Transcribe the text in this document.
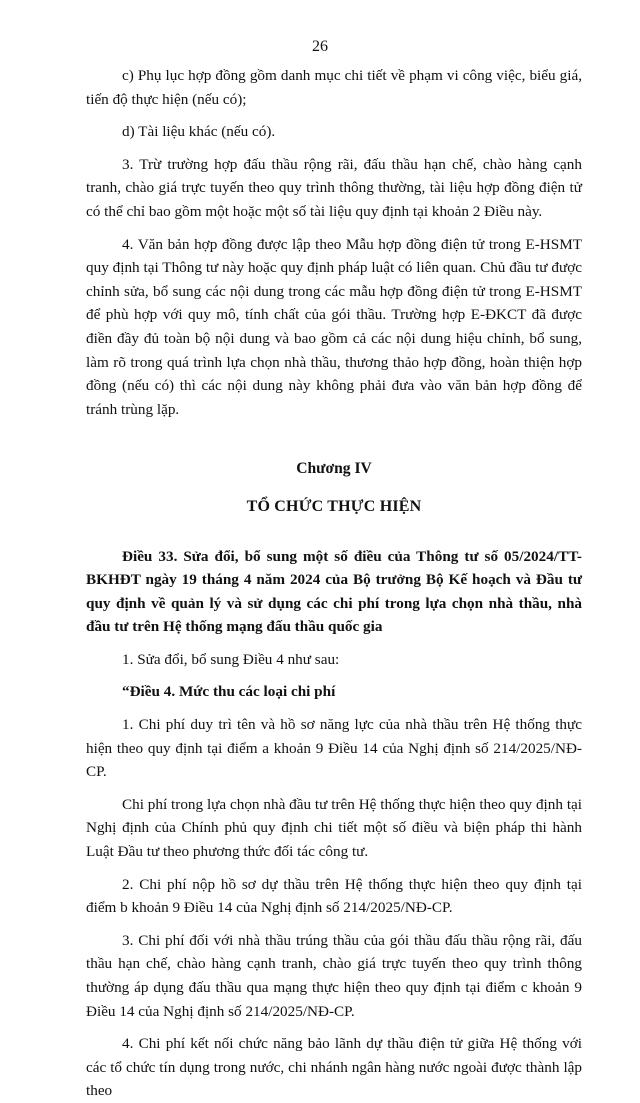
26

c) Phụ lục hợp đồng gồm danh mục chi tiết về phạm vi công việc, biểu giá, tiến độ thực hiện (nếu có);

d) Tài liệu khác (nếu có).

3. Trừ trường hợp đấu thầu rộng rãi, đấu thầu hạn chế, chào hàng cạnh tranh, chào giá trực tuyến theo quy trình thông thường, tài liệu hợp đồng điện tử có thể chỉ bao gồm một hoặc một số tài liệu quy định tại khoản 2 Điều này.

4. Văn bản hợp đồng được lập theo Mẫu hợp đồng điện tử trong E-HSMT quy định tại Thông tư này hoặc quy định pháp luật có liên quan. Chủ đầu tư được chỉnh sửa, bổ sung các nội dung trong các mẫu hợp đồng điện tử trong E-HSMT để phù hợp với quy mô, tính chất của gói thầu. Trường hợp E-ĐKCT đã được điền đầy đủ toàn bộ nội dung và bao gồm cả các nội dung hiệu chỉnh, bổ sung, làm rõ trong quá trình lựa chọn nhà thầu, thương thảo hợp đồng, hoàn thiện hợp đồng (nếu có) thì các nội dung này không phải đưa vào văn bản hợp đồng để tránh trùng lặp.

Chương IV

TỔ CHỨC THỰC HIỆN

Điều 33. Sửa đổi, bổ sung một số điều của Thông tư số 05/2024/TT-BKHĐT ngày 19 tháng 4 năm 2024 của Bộ trưởng Bộ Kế hoạch và Đầu tư quy định về quản lý và sử dụng các chi phí trong lựa chọn nhà thầu, nhà đầu tư trên Hệ thống mạng đấu thầu quốc gia

1. Sửa đổi, bổ sung Điều 4 như sau:

“Điều 4. Mức thu các loại chi phí

1. Chi phí duy trì tên và hồ sơ năng lực của nhà thầu trên Hệ thống thực hiện theo quy định tại điểm a khoản 9 Điều 14 của Nghị định số 214/2025/NĐ-CP.

Chi phí trong lựa chọn nhà đầu tư trên Hệ thống thực hiện theo quy định tại Nghị định của Chính phủ quy định chi tiết một số điều và biện pháp thi hành Luật Đầu tư theo phương thức đối tác công tư.

2. Chi phí nộp hồ sơ dự thầu trên Hệ thống thực hiện theo quy định tại điểm b khoản 9 Điều 14 của Nghị định số 214/2025/NĐ-CP.

3. Chi phí đối với nhà thầu trúng thầu của gói thầu đấu thầu rộng rãi, đấu thầu hạn chế, chào hàng cạnh tranh, chào giá trực tuyến theo quy trình thông thường áp dụng đấu thầu qua mạng thực hiện theo quy định tại điểm c khoản 9 Điều 14 của Nghị định số 214/2025/NĐ-CP.

4. Chi phí kết nối chức năng bảo lãnh dự thầu điện tử giữa Hệ thống với các tổ chức tín dụng trong nước, chi nhánh ngân hàng nước ngoài được thành lập theo
